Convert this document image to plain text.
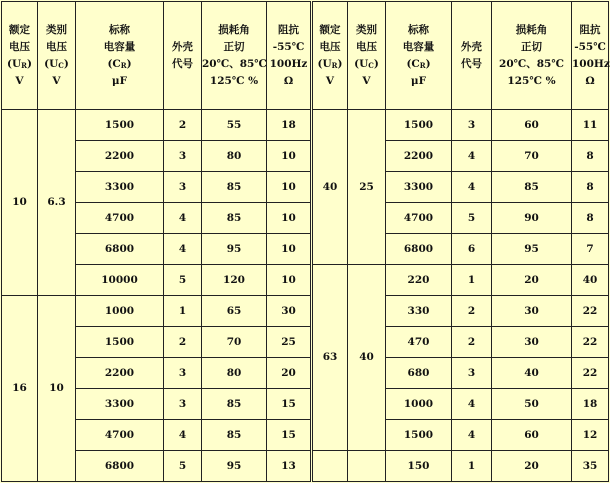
额定
电压
$(U_R)$
V	类别
电压
$(U_C)$
V	标称
电容量
$(C_R)$
μF	外壳
代号	损耗角
正切
20℃、85℃
125℃ %	阻抗
-55℃
100Hz
Ω	额定
电压
$(U_R)$
V	类别
电压
$(U_C)$
V	标称
电容量
$(C_R)$
μF	外壳
代号	损耗角
正切
20℃、85℃
125℃ %	阻抗
-55℃
100Hz
Ω

10	6.3	1500	2	55	18	40	25	1500	3	60	11
		2200	3	80	10			2200	4	70	8
		3300	3	85	10			3300	4	85	8
		4700	4	85	10			4700	5	90	8
		6800	4	95	10			6800	6	95	7
		10000	5	120	10	63	40	220	1	20	40
16	10	1000	1	65	30			330	2	30	22
		1500	2	70	25			470	2	30	22
		2200	3	80	20			680	3	40	22
		3300	3	85	15			1000	4	50	18
		4700	4	85	15			1500	4	60	12
		6800	5	95	13			150	1	20	35
